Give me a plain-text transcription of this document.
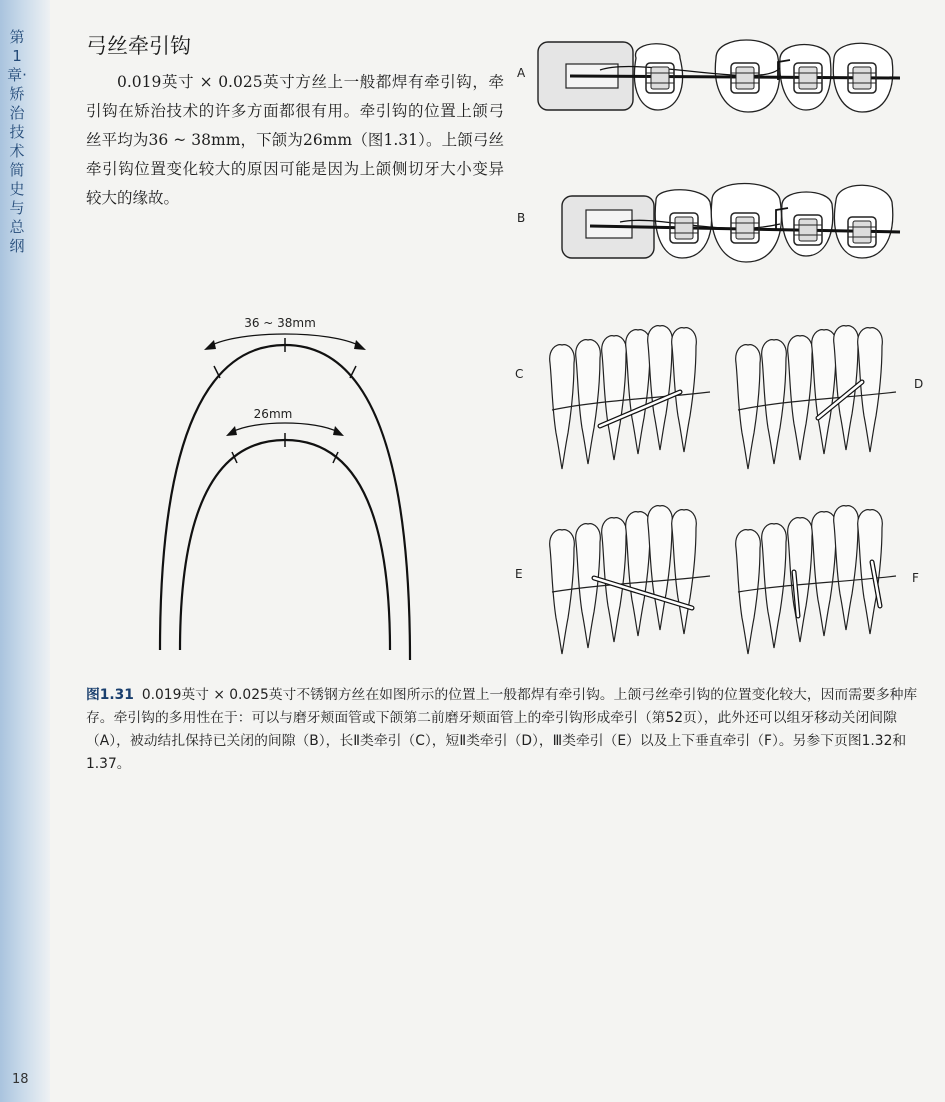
第1章·矫治技术简史与总纲
18
弓丝牵引钩

0.019英寸 × 0.025英寸方丝上一般都焊有牵引钩，牵引钩在矫治技术的许多方面都很有用。牵引钩的位置上颌弓丝平均为36 ~ 38mm，下颌为26mm（图1.31）。上颌弓丝牵引钩位置变化较大的原因可能是因为上颌侧切牙大小变异较大的缘故。

36 ~ 38mm
26mm
A
B
C
D
E	F

图1.31 0.019英寸 × 0.025英寸不锈钢方丝在如图所示的位置上一般都焊有牵引钩。上颌弓丝牵引钩的位置变化较大，因而需要多种库存。牵引钩的多用性在于：可以与磨牙颊面管或下颌第二前磨牙颊面管上的牵引钩形成牵引（第52页），此外还可以组牙移动关闭间隙（A），被动结扎保持已关闭的间隙（B），长Ⅱ类牵引（C），短Ⅱ类牵引（D），Ⅲ类牵引（E）以及上下垂直牵引（F）。另参下页图1.32和1.37。
